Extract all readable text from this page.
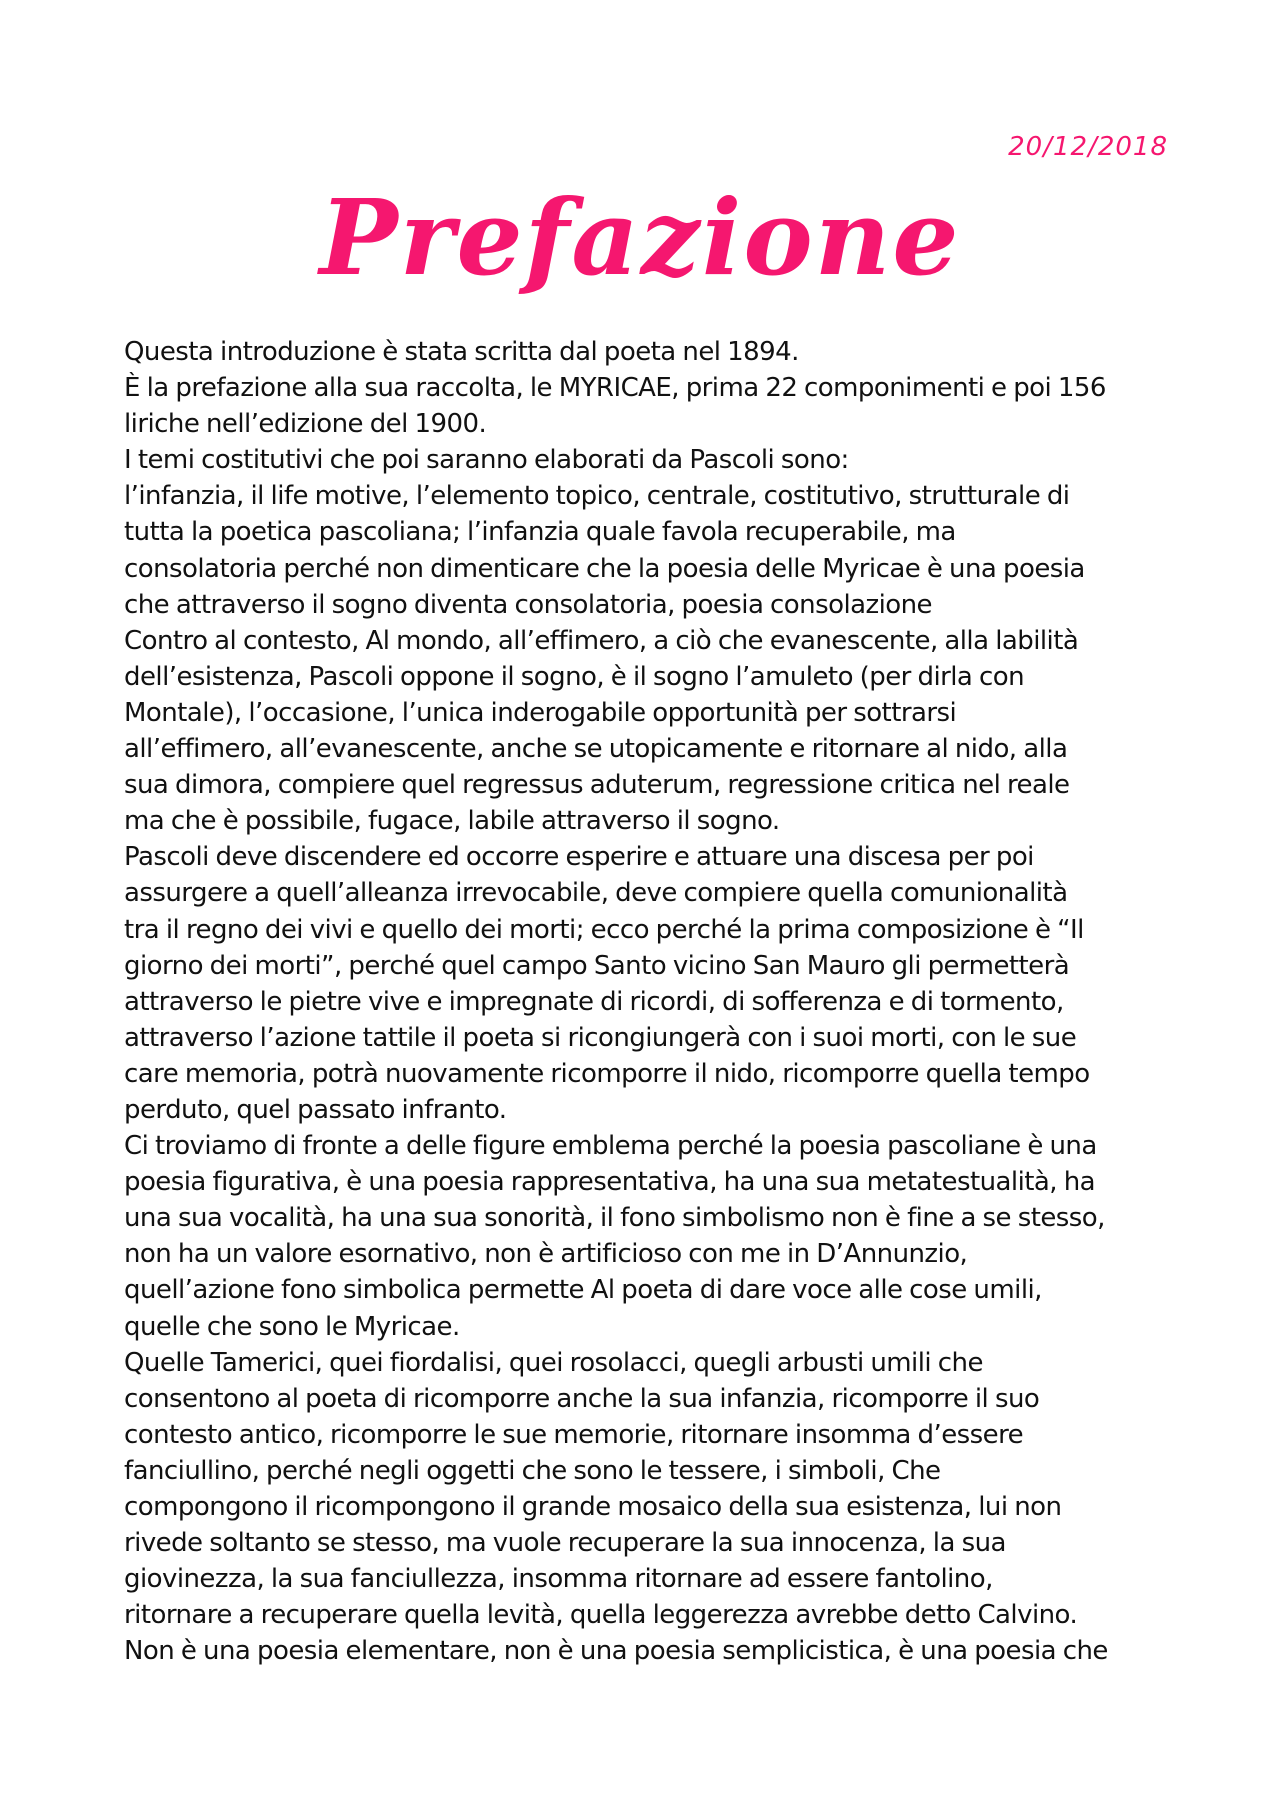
20/12/2018
Prefazione
Questa introduzione è stata scritta dal poeta nel 1894.
È la prefazione alla sua raccolta, le MYRICAE, prima 22 componimenti e poi 156
liriche nell’edizione del 1900.
I temi costitutivi che poi saranno elaborati da Pascoli sono:
l’infanzia, il life motive, l’elemento topico, centrale, costitutivo, strutturale di
tutta la poetica pascoliana; l’infanzia quale favola recuperabile, ma
consolatoria perché non dimenticare che la poesia delle Myricae è una poesia
che attraverso il sogno diventa consolatoria, poesia consolazione
Contro al contesto, Al mondo, all’effimero, a ciò che evanescente, alla labilità
dell’esistenza, Pascoli oppone il sogno, è il sogno l’amuleto (per dirla con
Montale), l’occasione, l’unica inderogabile opportunità per sottrarsi
all’effimero, all’evanescente, anche se utopicamente e ritornare al nido, alla
sua dimora, compiere quel regressus aduterum, regressione critica nel reale
ma che è possibile, fugace, labile attraverso il sogno.
Pascoli deve discendere ed occorre esperire e attuare una discesa per poi
assurgere a quell’alleanza irrevocabile, deve compiere quella comunionalità
tra il regno dei vivi e quello dei morti; ecco perché la prima composizione è “Il
giorno dei morti”, perché quel campo Santo vicino San Mauro gli permetterà
attraverso le pietre vive e impregnate di ricordi, di sofferenza e di tormento,
attraverso l’azione tattile il poeta si ricongiungerà con i suoi morti, con le sue
care memoria, potrà nuovamente ricomporre il nido, ricomporre quella tempo
perduto, quel passato infranto.
Ci troviamo di fronte a delle figure emblema perché la poesia pascoliane è una
poesia figurativa, è una poesia rappresentativa, ha una sua metatestualità, ha
una sua vocalità, ha una sua sonorità, il fono simbolismo non è fine a se stesso,
non ha un valore esornativo, non è artificioso con me in D’Annunzio,
quell’azione fono simbolica permette Al poeta di dare voce alle cose umili,
quelle che sono le Myricae.
Quelle Tamerici, quei fiordalisi, quei rosolacci, quegli arbusti umili che
consentono al poeta di ricomporre anche la sua infanzia, ricomporre il suo
contesto antico, ricomporre le sue memorie, ritornare insomma d’essere
fanciullino, perché negli oggetti che sono le tessere, i simboli, Che
compongono il ricompongono il grande mosaico della sua esistenza, lui non
rivede soltanto se stesso, ma vuole recuperare la sua innocenza, la sua
giovinezza, la sua fanciullezza, insomma ritornare ad essere fantolino,
ritornare a recuperare quella levità, quella leggerezza avrebbe detto Calvino.
Non è una poesia elementare, non è una poesia semplicistica, è una poesia che
